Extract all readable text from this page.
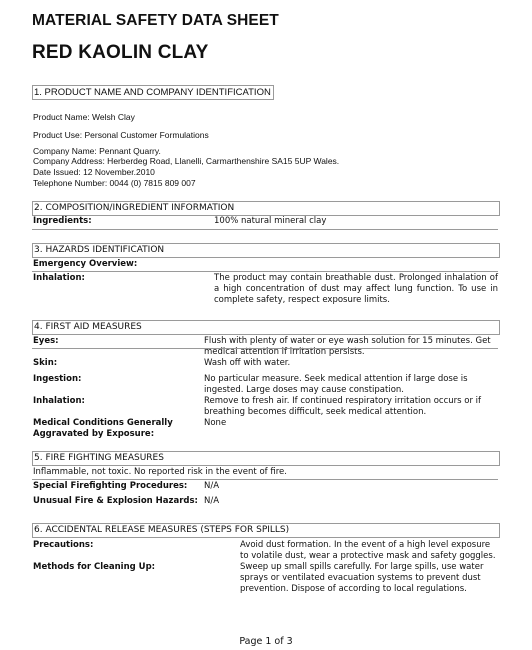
MATERIAL SAFETY DATA SHEET
RED KAOLIN CLAY
1. PRODUCT NAME AND COMPANY IDENTIFICATION
Product Name: Welsh Clay
Product Use: Personal Customer Formulations
Company Name: Pennant Quarry.
Company Address: Herberdeg Road, Llanelli, Carmarthenshire SA15 5UP Wales.
Date Issued: 12 November.2010
Telephone Number: 0044 (0) 7815 809 007
2. COMPOSITION/INGREDIENT INFORMATION
Ingredients:	100% natural mineral clay
3. HAZARDS IDENTIFICATION
Emergency Overview:
Inhalation:	The product may contain breathable dust. Prolonged inhalation of a high concentration of dust may affect lung function. To use in complete safety, respect exposure limits.
4. FIRST AID MEASURES
Eyes:	Flush with plenty of water or eye wash solution for 15 minutes. Get medical attention if irritation persists.
Skin:	Wash off with water.
Ingestion:	No particular measure. Seek medical attention if large dose is ingested. Large doses may cause constipation.
Inhalation:	Remove to fresh air. If continued respiratory irritation occurs or if breathing becomes difficult, seek medical attention.
Medical Conditions Generally
Aggravated by Exposure:
None
5. FIRE FIGHTING MEASURES
Inflammable, not toxic. No reported risk in the event of fire.
Special Firefighting Procedures: N/A
Unusual Fire & Explosion Hazards: N/A
6. ACCIDENTAL RELEASE MEASURES (STEPS FOR SPILLS)
Precautions:	Avoid dust formation. In the event of a high level exposure to volatile dust, wear a protective mask and safety goggles.
Methods for Cleaning Up:	Sweep up small spills carefully. For large spills, use water sprays or ventilated evacuation systems to prevent dust prevention. Dispose of according to local regulations.
Page 1 of 3
